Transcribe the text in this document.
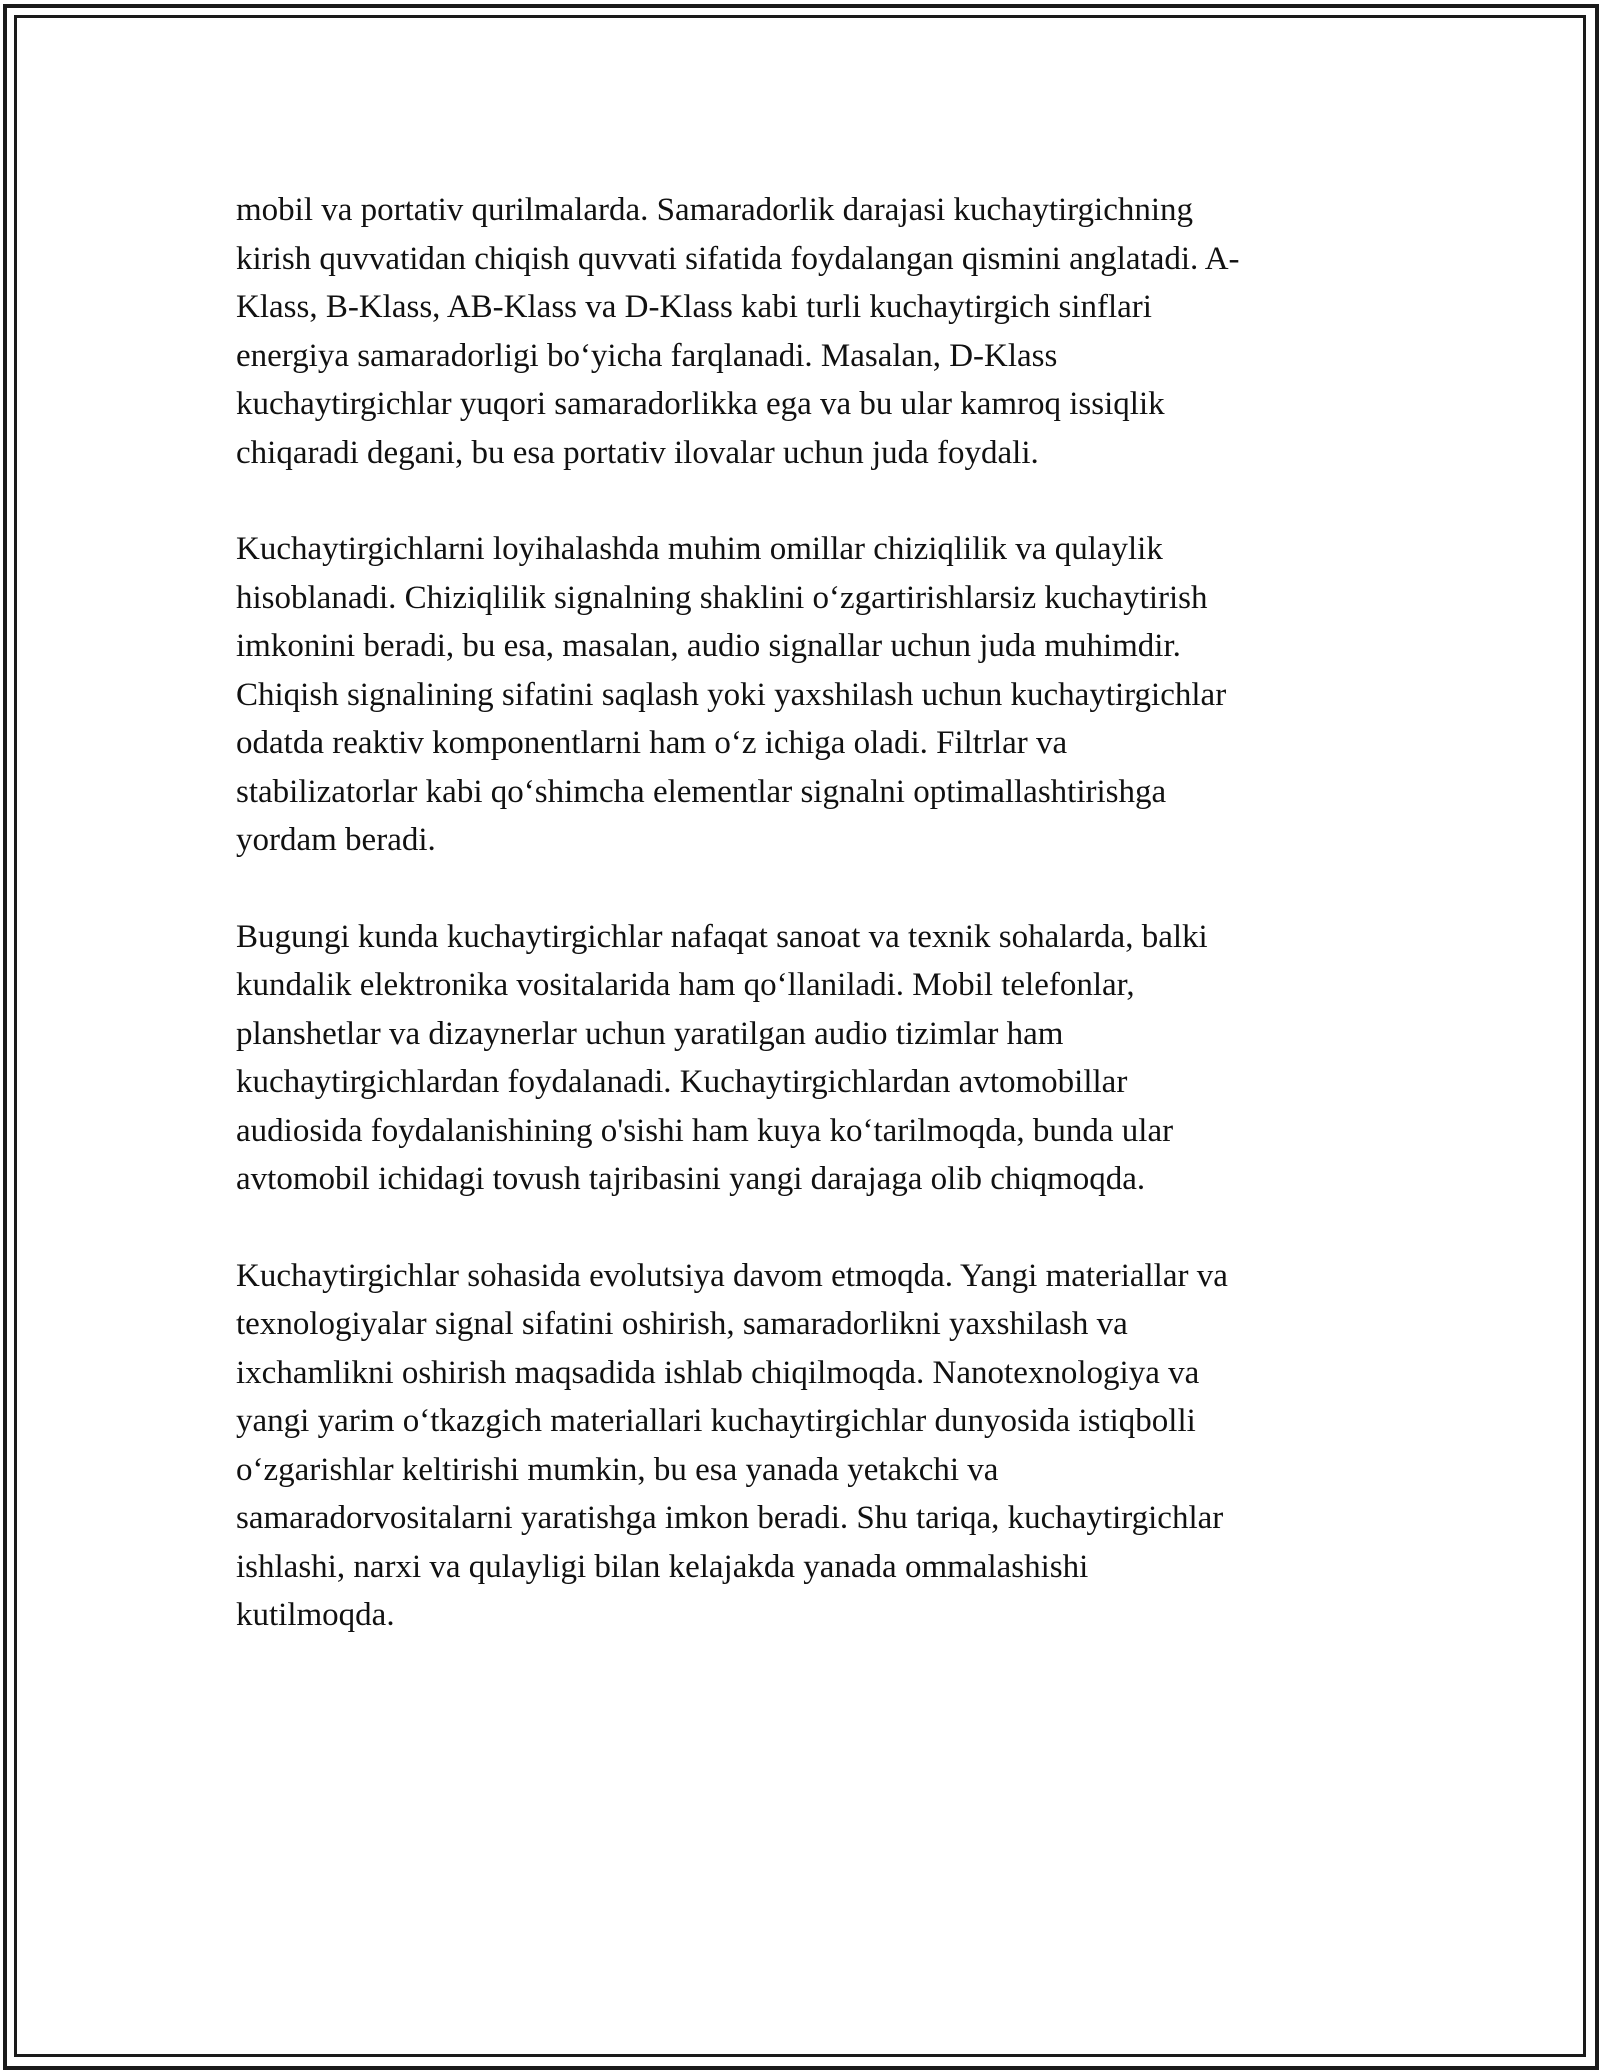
mobil va portativ qurilmalarda. Samaradorlik darajasi kuchaytirgichning
kirish quvvatidan chiqish quvvati sifatida foydalangan qismini anglatadi. A-
Klass, B-Klass, AB-Klass va D-Klass kabi turli kuchaytirgich sinflari
energiya samaradorligi bo‘yicha farqlanadi. Masalan, D-Klass
kuchaytirgichlar yuqori samaradorlikka ega va bu ular kamroq issiqlik
chiqaradi degani, bu esa portativ ilovalar uchun juda foydali.

Kuchaytirgichlarni loyihalashda muhim omillar chiziqlilik va qulaylik
hisoblanadi. Chiziqlilik signalning shaklini o‘zgartirishlarsiz kuchaytirish
imkonini beradi, bu esa, masalan, audio signallar uchun juda muhimdir.
Chiqish signalining sifatini saqlash yoki yaxshilash uchun kuchaytirgichlar
odatda reaktiv komponentlarni ham o‘z ichiga oladi. Filtrlar va
stabilizatorlar kabi qo‘shimcha elementlar signalni optimallashtirishga
yordam beradi.

Bugungi kunda kuchaytirgichlar nafaqat sanoat va texnik sohalarda, balki
kundalik elektronika vositalarida ham qo‘llaniladi. Mobil telefonlar,
planshetlar va dizaynerlar uchun yaratilgan audio tizimlar ham
kuchaytirgichlardan foydalanadi. Kuchaytirgichlardan avtomobillar
audiosida foydalanishining o'sishi ham kuya ko‘tarilmoqda, bunda ular
avtomobil ichidagi tovush tajribasini yangi darajaga olib chiqmoqda.

Kuchaytirgichlar sohasida evolutsiya davom etmoqda. Yangi materiallar va
texnologiyalar signal sifatini oshirish, samaradorlikni yaxshilash va
ixchamlikni oshirish maqsadida ishlab chiqilmoqda. Nanotexnologiya va
yangi yarim o‘tkazgich materiallari kuchaytirgichlar dunyosida istiqbolli
o‘zgarishlar keltirishi mumkin, bu esa yanada yetakchi va
samaradorvositalarni yaratishga imkon beradi. Shu tariqa, kuchaytirgichlar
ishlashi, narxi va qulayligi bilan kelajakda yanada ommalashishi
kutilmoqda.
